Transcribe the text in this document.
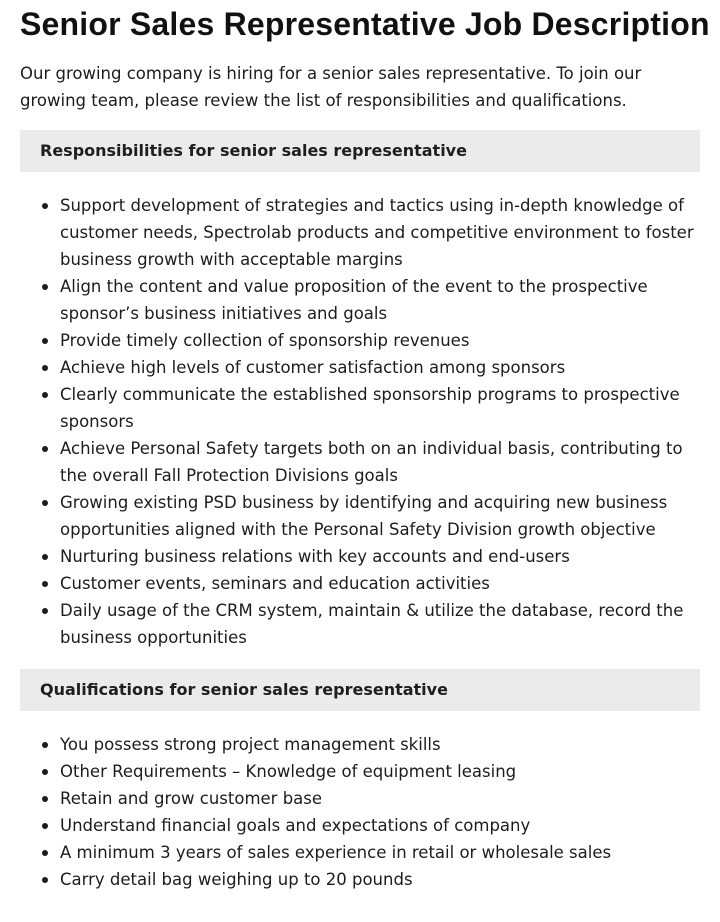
Senior Sales Representative Job Description

Our growing company is hiring for a senior sales representative. To join our growing team, please review the list of responsibilities and qualifications.

Responsibilities for senior sales representative
Support development of strategies and tactics using in-depth knowledge of customer needs, Spectrolab products and competitive environment to foster business growth with acceptable margins
Align the content and value proposition of the event to the prospective sponsor’s business initiatives and goals
Provide timely collection of sponsorship revenues
Achieve high levels of customer satisfaction among sponsors
Clearly communicate the established sponsorship programs to prospective sponsors
Achieve Personal Safety targets both on an individual basis, contributing to the overall Fall Protection Divisions goals
Growing existing PSD business by identifying and acquiring new business opportunities aligned with the Personal Safety Division growth objective
Nurturing business relations with key accounts and end-users
Customer events, seminars and education activities
Daily usage of the CRM system, maintain & utilize the database, record the business opportunities
Qualifications for senior sales representative
You possess strong project management skills
Other Requirements – Knowledge of equipment leasing
Retain and grow customer base
Understand financial goals and expectations of company
A minimum 3 years of sales experience in retail or wholesale sales
Carry detail bag weighing up to 20 pounds
